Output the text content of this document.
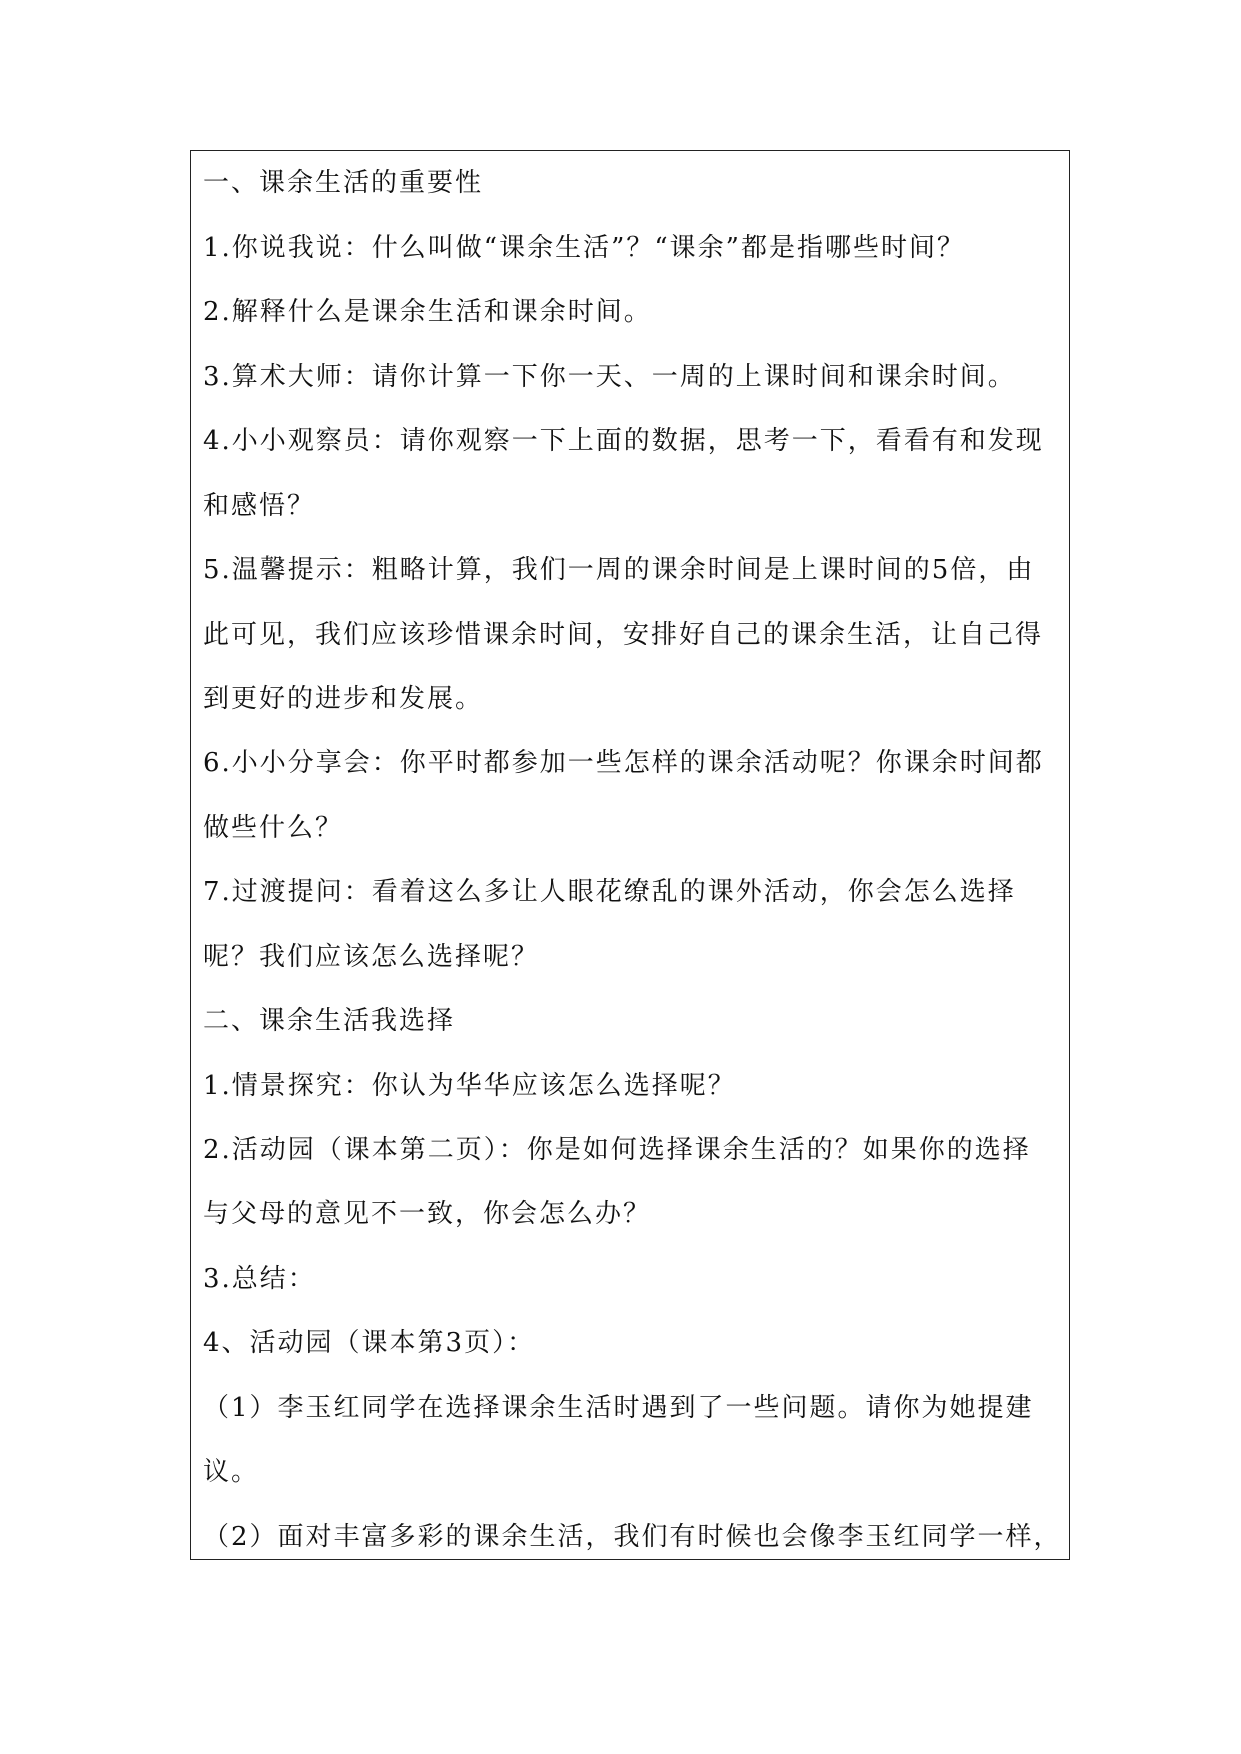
一、课余生活的重要性
1.你说我说：什么叫做“课余生活”？“课余”都是指哪些时间？
2.解释什么是课余生活和课余时间。
3.算术大师：请你计算一下你一天、一周的上课时间和课余时间。
4.小小观察员：请你观察一下上面的数据，思考一下，看看有和发现
和感悟？
5.温馨提示：粗略计算，我们一周的课余时间是上课时间的5倍，由
此可见，我们应该珍惜课余时间，安排好自己的课余生活，让自己得
到更好的进步和发展。
6.小小分享会：你平时都参加一些怎样的课余活动呢？你课余时间都
做些什么？
7.过渡提问：看着这么多让人眼花缭乱的课外活动，你会怎么选择
呢？我们应该怎么选择呢？
二、课余生活我选择
1.情景探究：你认为华华应该怎么选择呢？
2.活动园（课本第二页）：你是如何选择课余生活的？如果你的选择
与父母的意见不一致，你会怎么办？
3.总结：
4、活动园（课本第3页）：
（1）李玉红同学在选择课余生活时遇到了一些问题。请你为她提建
议。
（2）面对丰富多彩的课余生活，我们有时候也会像李玉红同学一样，
